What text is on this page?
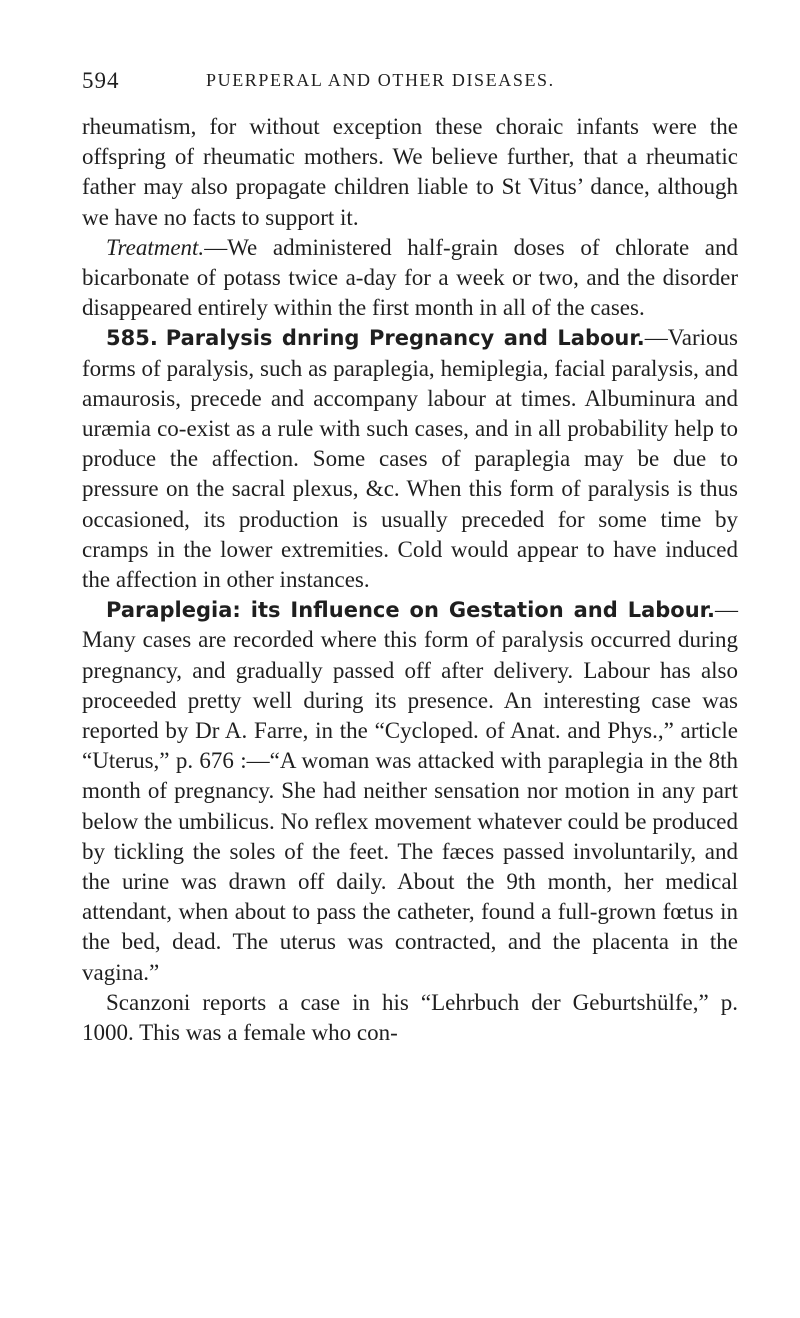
594	PUERPERAL AND OTHER DISEASES.

rheumatism, for without exception these choraic infants were the offspring of rheumatic mothers. We believe further, that a rheumatic father may also propagate children liable to St Vitus’ dance, although we have no facts to support it.

Treatment.—We administered half-grain doses of chlorate and bicarbonate of potass twice a-day for a week or two, and the disorder disappeared entirely within the first month in all of the cases.

585. Paralysis dnring Pregnancy and Labour.—Various forms of paralysis, such as paraplegia, hemiplegia, facial paralysis, and amaurosis, precede and accompany labour at times. Albuminura and uræmia co-exist as a rule with such cases, and in all probability help to produce the affection. Some cases of paraplegia may be due to pressure on the sacral plexus, &c. When this form of paralysis is thus occasioned, its production is usually preceded for some time by cramps in the lower extremities. Cold would appear to have induced the affection in other instances.

Paraplegia: its Influence on Gestation and Labour.—Many cases are recorded where this form of paralysis occurred during pregnancy, and gradually passed off after delivery. Labour has also proceeded pretty well during its presence. An interesting case was reported by Dr A. Farre, in the “Cycloped. of Anat. and Phys.,” article “Uterus,” p. 676 :—“A woman was attacked with paraplegia in the 8th month of pregnancy. She had neither sensation nor motion in any part below the umbilicus. No reflex movement whatever could be produced by tickling the soles of the feet. The fæces passed involuntarily, and the urine was drawn off daily. About the 9th month, her medical attendant, when about to pass the catheter, found a full-grown fœtus in the bed, dead. The uterus was contracted, and the placenta in the vagina.”

Scanzoni reports a case in his “Lehrbuch der Geburtshülfe,” p. 1000. This was a female who con-
